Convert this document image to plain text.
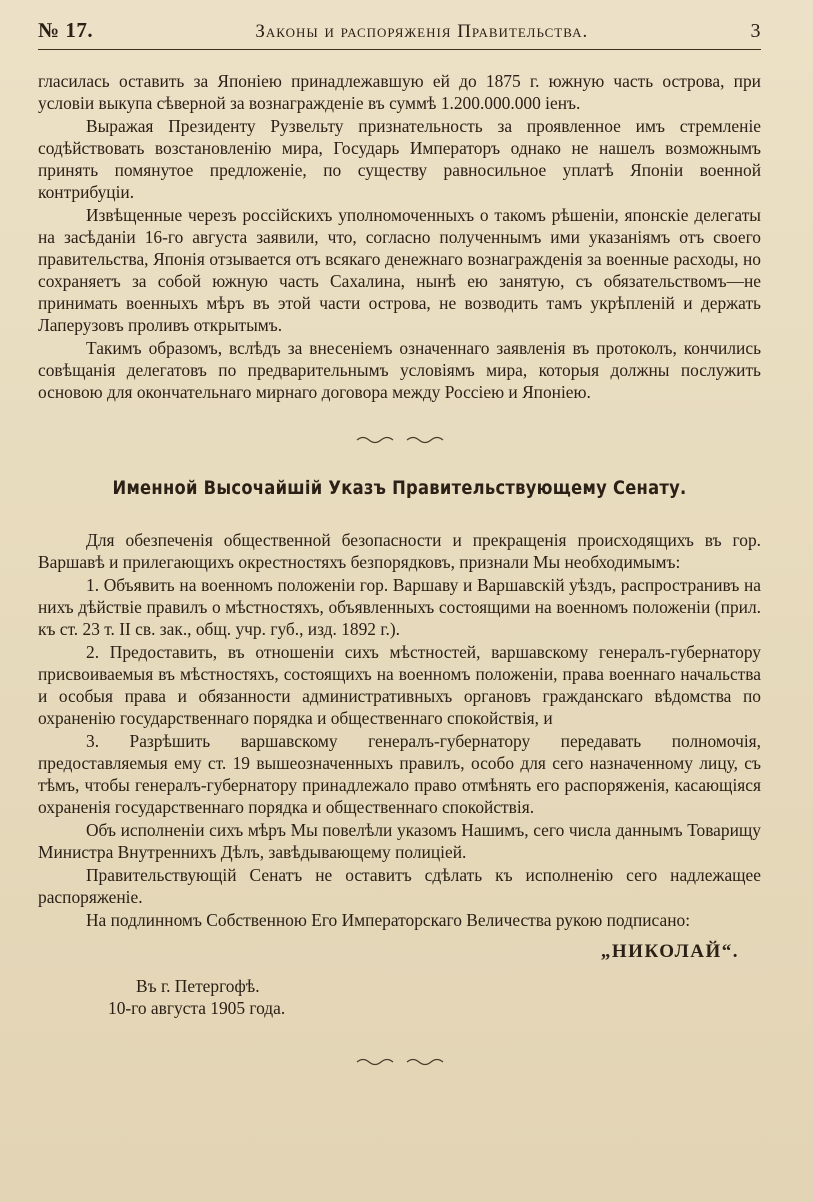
№ 17.	Законы и распоряженія Правительства.	3

гласилась оставить за Японіею принадлежавшую ей до 1875 г. южную часть острова, при условіи выкупа сѣверной за вознагражденіе въ суммѣ 1.200.000.000 іенъ.

Выражая Президенту Рузвельту признательность за проявленное имъ стремленіе содѣйствовать возстановленію мира, Государь Императоръ однако не нашелъ возможнымъ принять помянутое предложеніе, по существу равносильное уплатѣ Японіи военной контрибуціи.

Извѣщенные черезъ россійскихъ уполномоченныхъ о такомъ рѣшеніи, японскіе делегаты на засѣданіи 16-го августа заявили, что, согласно полученнымъ ими указаніямъ отъ своего правительства, Японія отзывается отъ всякаго денежнаго вознагражденія за военные расходы, но сохраняетъ за собой южную часть Сахалина, нынѣ ею занятую, съ обязательствомъ—не принимать военныхъ мѣръ въ этой части острова, не возводить тамъ укрѣпленій и держать Лаперузовъ проливъ открытымъ.

Такимъ образомъ, вслѣдъ за внесеніемъ означеннаго заявленія въ протоколъ, кончились совѣщанія делегатовъ по предварительнымъ условіямъ мира, которыя должны послужить основою для окончательнаго мирнаго договора между Россіею и Японіею.

Именной Высочайшій Указъ Правительствующему Сенату.

Для обезпеченія общественной безопасности и прекращенія происходящихъ въ гор. Варшавѣ и прилегающихъ окрестностяхъ безпорядковъ, признали Мы необходимымъ:

1. Объявить на военномъ положеніи гор. Варшаву и Варшавскій уѣздъ, распространивъ на нихъ дѣйствіе правилъ о мѣстностяхъ, объявленныхъ состоящими на военномъ положеніи (прил. къ ст. 23 т. II св. зак., общ. учр. губ., изд. 1892 г.).

2. Предоставить, въ отношеніи сихъ мѣстностей, варшавскому генералъ-губернатору присвоиваемыя въ мѣстностяхъ, состоящихъ на военномъ положеніи, права военнаго начальства и особыя права и обязанности административныхъ органовъ гражданскаго вѣдомства по охраненію государственнаго порядка и общественнаго спокойствія, и

3. Разрѣшить варшавскому генералъ-губернатору передавать полномочія, предоставляемыя ему ст. 19 вышеозначенныхъ правилъ, особо для сего назначенному лицу, съ тѣмъ, чтобы генералъ-губернатору принадлежало право отмѣнять его распоряженія, касающіяся охраненія государственнаго порядка и общественнаго спокойствія.

Объ исполненіи сихъ мѣръ Мы повелѣли указомъ Нашимъ, сего числа даннымъ Товарищу Министра Внутреннихъ Дѣлъ, завѣдывающему полиціей.

Правительствующій Сенатъ не оставитъ сдѣлать къ исполненію сего надлежащее распоряженіе.

На подлинномъ Собственною Его Императорскаго Величества рукою подписано:

„НИКОЛАЙ“.
Въ г. Петергофѣ.
10-го августа 1905 года.
